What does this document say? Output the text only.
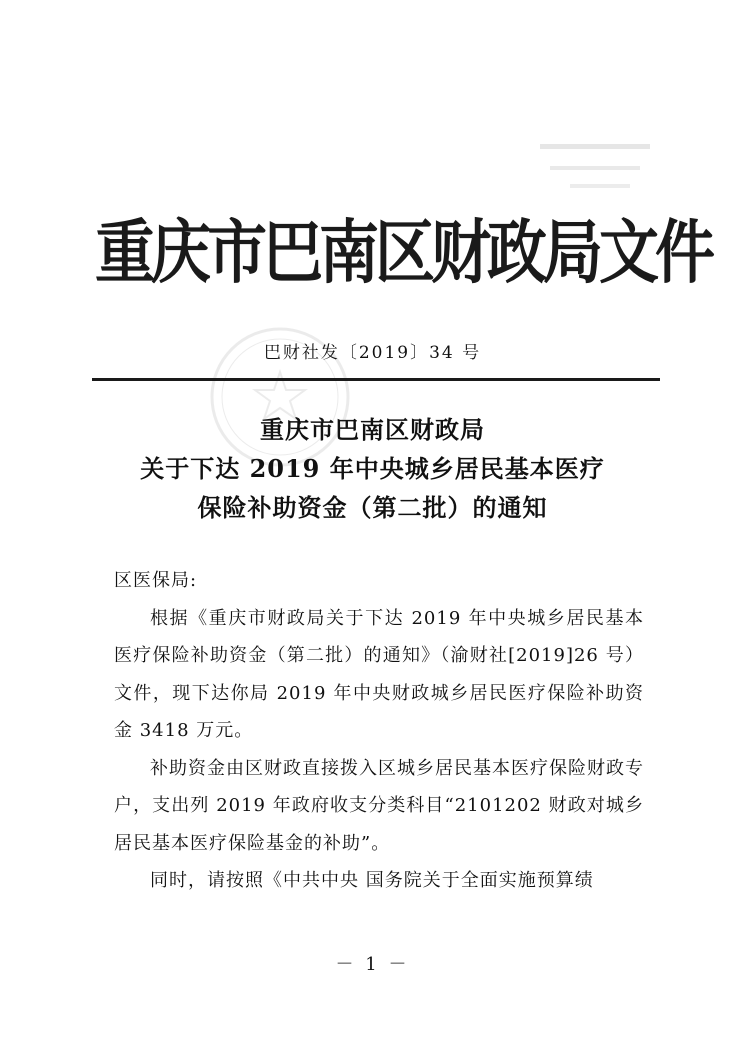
重庆市巴南区财政局文件
巴财社发〔2019〕34 号
重庆市巴南区财政局
关于下达 2019 年中央城乡居民基本医疗
保险补助资金（第二批）的通知

区医保局:

根据《重庆市财政局关于下达 2019 年中央城乡居民基本医疗保险补助资金（第二批）的通知》（渝财社[2019]26 号）文件，现下达你局 2019 年中央财政城乡居民医疗保险补助资金 3418 万元。

补助资金由区财政直接拨入区城乡居民基本医疗保险财政专户，支出列 2019 年政府收支分类科目“2101202 财政对城乡居民基本医疗保险基金的补助”。

同时，请按照《中共中央 国务院关于全面实施预算绩

－ 1 －
